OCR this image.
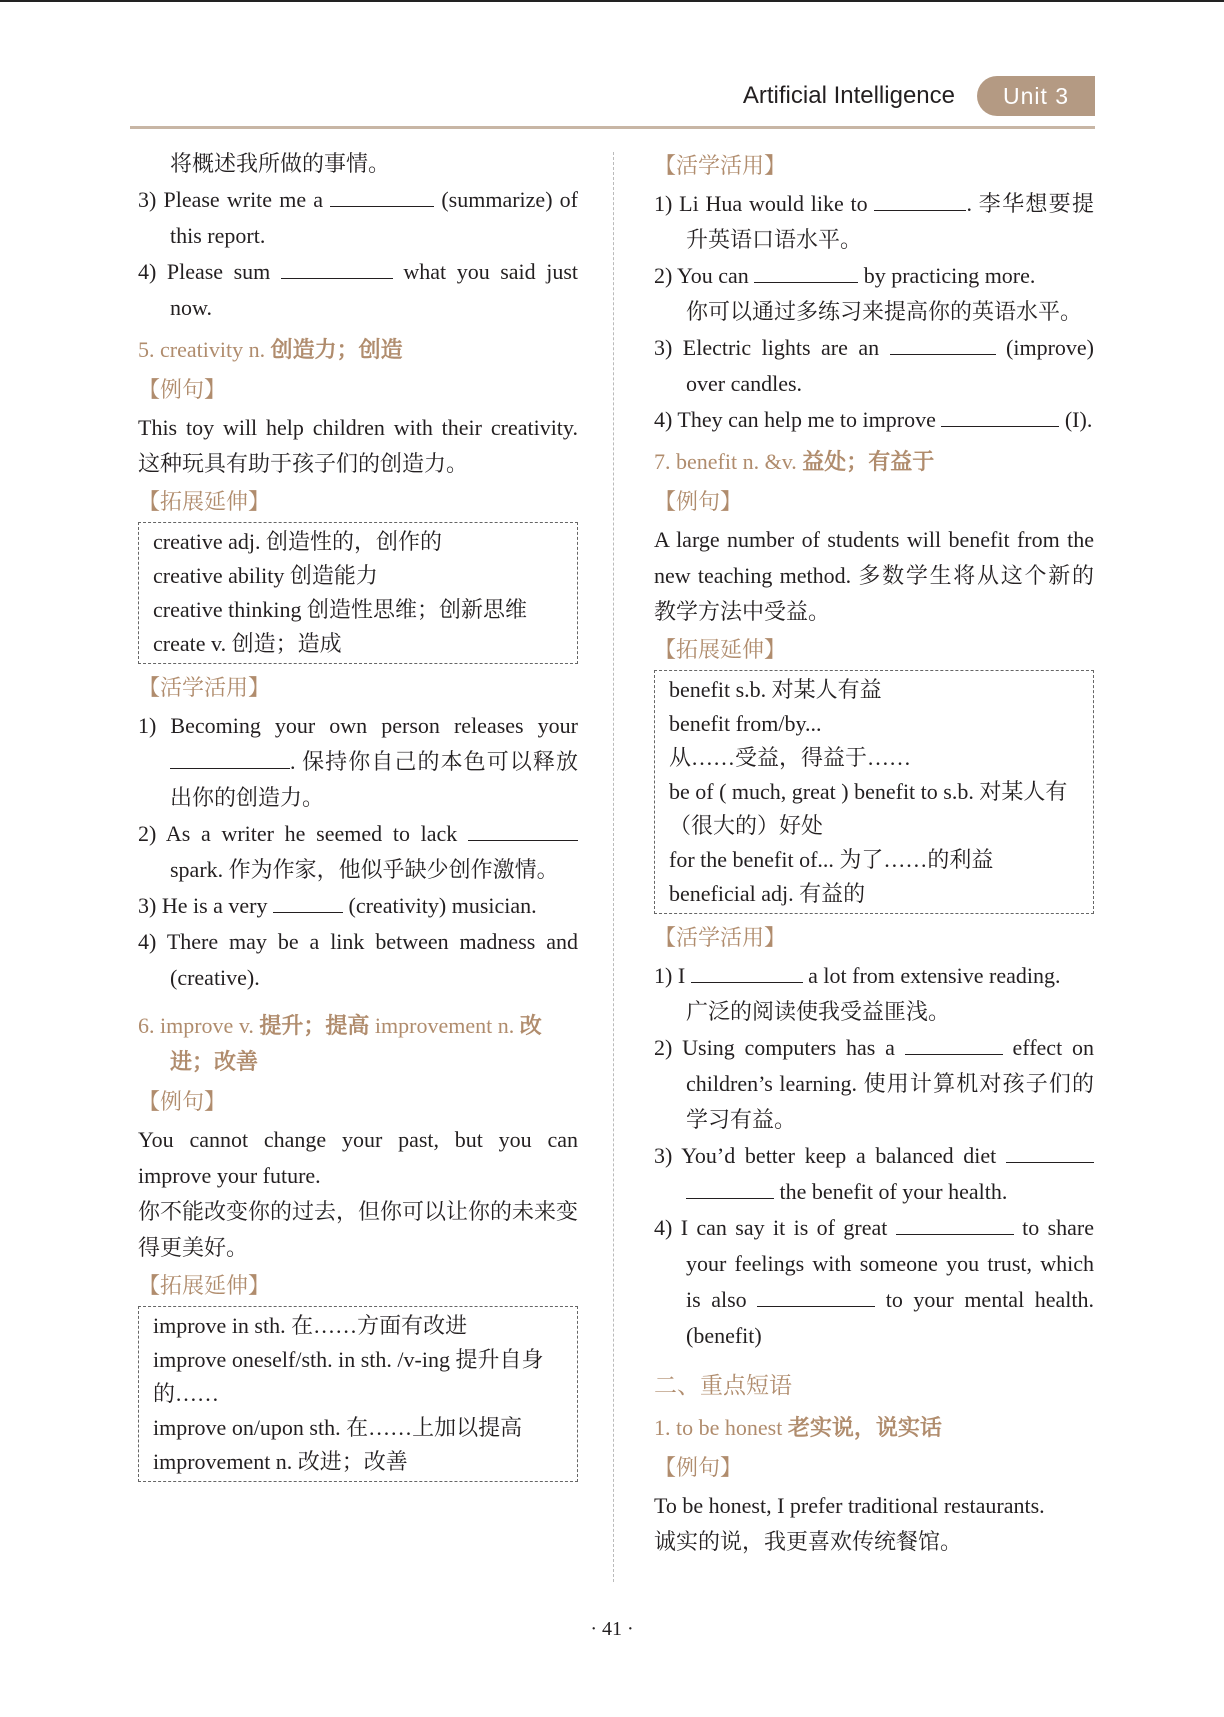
Artificial Intelligence	Unit 3

将概述我所做的事情。

3) Please write me a	(summarize) of this report.

4) Please sum	what you said just now.

5. creativity n. 创造力；创造

【例句】

This toy will help children with their creativity. 这种玩具有助于孩子们的创造力。

【拓展延伸】

creative adj. 创造性的，创作的
creative ability 创造能力
creative thinking 创造性思维；创新思维
create v. 创造；造成

【活学活用】

1) Becoming your own person releases your . 保持你自己的本色可以释放出你的创造力。

2) As a writer he seemed to lack  spark. 作为作家，他似乎缺少创作激情。

3) He is a very	(creativity) musician.

4) There may be a link between madness and (creative).

6. improve v. 提升；提高 improvement n. 改进；改善

【例句】

You cannot change your past, but you can improve your future.

你不能改变你的过去，但你可以让你的未来变得更美好。

【拓展延伸】

improve in sth. 在……方面有改进
improve oneself/sth. in sth. /v-ing 提升自身的……
improve on/upon sth. 在……上加以提高
improvement n. 改进；改善

【活学活用】

1) Li Hua would like to	. 李华想要提升英语口语水平。

2) You can	by practicing more.

你可以通过多练习来提高你的英语水平。

3) Electric lights are an	(improve) over candles.

4) They can help me to improve	(I).

7. benefit n. &v. 益处；有益于

【例句】

A large number of students will benefit from the new teaching method. 多数学生将从这个新的教学方法中受益。

【拓展延伸】

benefit s.b. 对某人有益
benefit from/by...
从……受益，得益于……
be of ( much, great ) benefit to s.b. 对某人有（很大的）好处
for the benefit of... 为了……的利益
beneficial adj. 有益的

【活学活用】

1) I	a lot from extensive reading.

广泛的阅读使我受益匪浅。

2) Using computers has a	effect on children’s learning. 使用计算机对孩子们的学习有益。

3) You’d better keep a balanced diet   the benefit of your health.

4) I can say it is of great	to share your feelings with someone you trust, which is also	to your mental health. (benefit)

二、重点短语

1. to be honest 老实说，说实话

【例句】

To be honest, I prefer traditional restaurants.

诚实的说，我更喜欢传统餐馆。

· 41 ·
